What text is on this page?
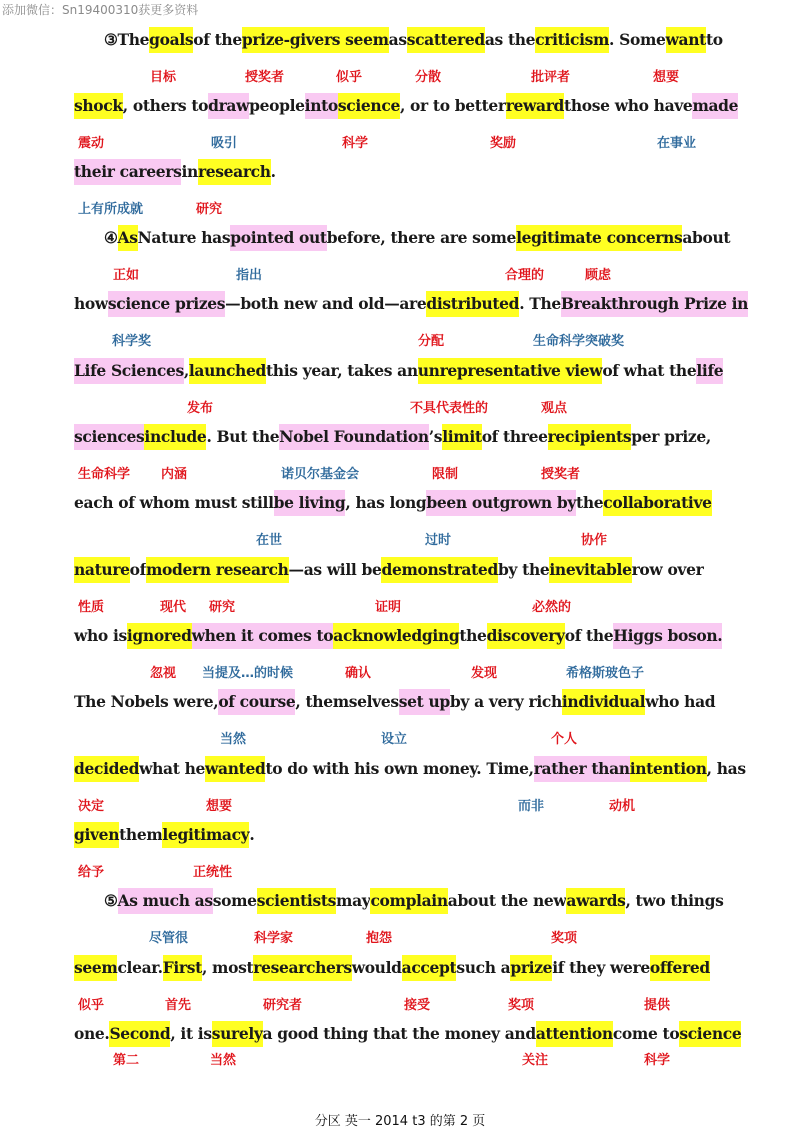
添加微信：Sn19400310获更多资料
③Thegoalsof theprize-givers seemasscatteredas thecriticism. Somewantto
shock, others todrawpeopleintoscience, or to betterrewardthose who havemade
their careersinresearch.
④AsNature haspointed outbefore, there are somelegitimate concernsabout
howscience prizes—both new and old—aredistributed. TheBreakthrough Prize in
Life Sciences,launchedthis year, takes anunrepresentative viewof what thelife
sciencesinclude. But theNobel Foundation’slimitof threerecipientsper prize,
each of whom must stillbe living, has longbeen outgrown bythecollaborative
natureofmodern research—as will bedemonstratedby theinevitablerow over
who isignoredwhen it comes toacknowledgingthediscoveryof theHiggs boson.
The Nobels were,of course, themselvesset upby a very richindividualwho had
decidedwhat hewantedto do with his own money. Time,rather thanintention, has
giventhemlegitimacy.
⑤As much assomescientistsmaycomplainabout the newawards, two things
seemclear.First, mostresearcherswouldacceptsuch aprizeif they wereoffered
one.Second, it issurelya good thing that the money andattentioncome toscience
目标	授奖者	似乎	分散	批评者	想要
震动	吸引	科学	奖励	在事业
上有所成就	研究
正如	指出	合理的	顾虑
科学奖	分配	生命科学突破奖
发布	不具代表性的	观点
生命科学 内涵	诺贝尔基金会	限制	授奖者
在世	过时	协作
性质	现代 研究	证明	必然的
忽视 当提及…的时候	确认	发现	希格斯玻色子
当然	设立	个人
决定	想要	而非	动机
给予	正统性
尽管很	科学家	抱怨	奖项
似乎	首先	研究者	接受	奖项	提供
第二	当然	关注	科学
分区 英一 2014 t3 的第 2 页
